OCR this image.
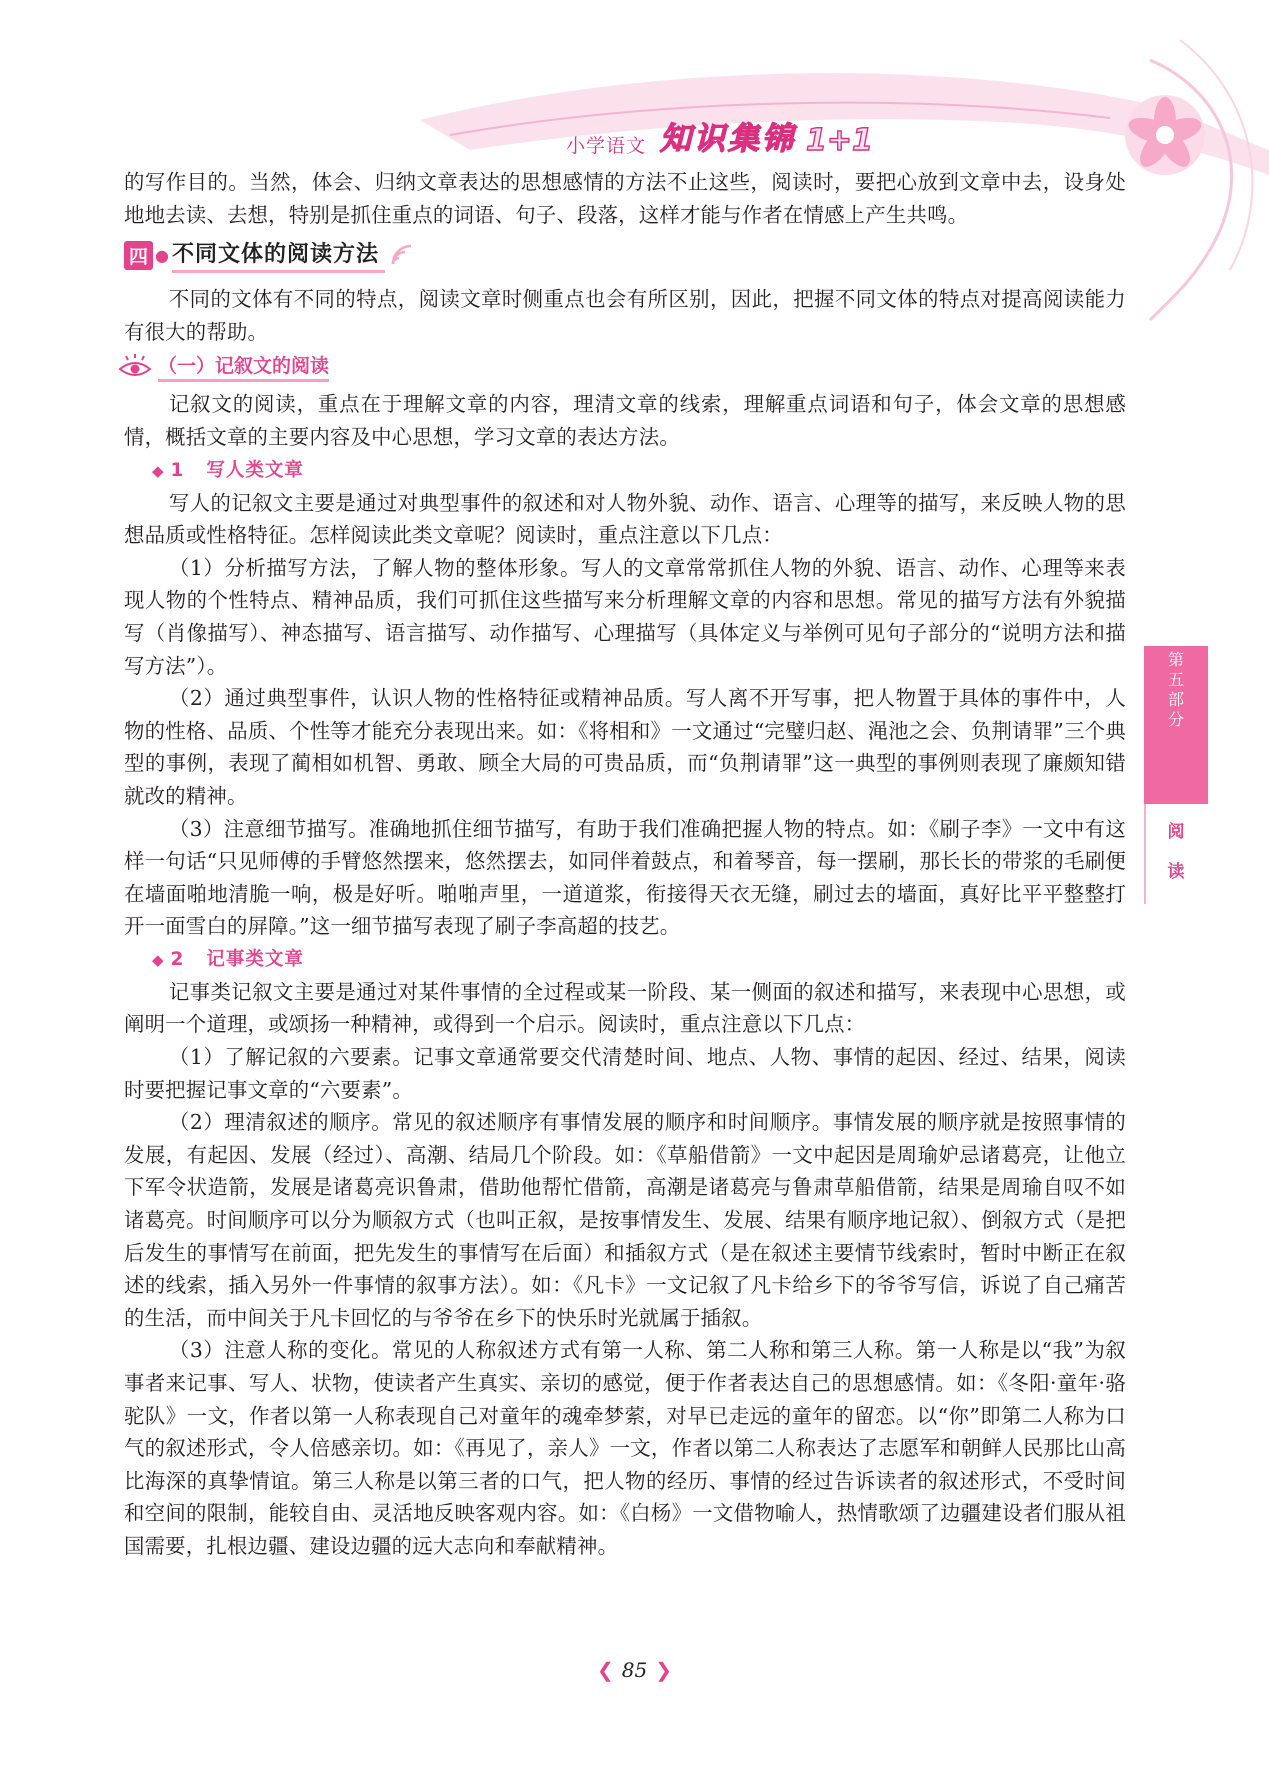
小学语文 知识集锦 1+1

的写作目的。当然，体会、归纳文章表达的思想感情的方法不止这些，阅读时，要把心放到文章中去，设身处地地去读、去想，特别是抓住重点的词语、句子、段落，这样才能与作者在情感上产生共鸣。

四 ● 不同文体的阅读方法

不同的文体有不同的特点，阅读文章时侧重点也会有所区别，因此，把握不同文体的特点对提高阅读能力有很大的帮助。

（一）记叙文的阅读

记叙文的阅读，重点在于理解文章的内容，理清文章的线索，理解重点词语和句子，体会文章的思想感情，概括文章的主要内容及中心思想，学习文章的表达方法。

◆ 1 写人类文章

写人的记叙文主要是通过对典型事件的叙述和对人物外貌、动作、语言、心理等的描写，来反映人物的思想品质或性格特征。怎样阅读此类文章呢？阅读时，重点注意以下几点：

（1）分析描写方法，了解人物的整体形象。写人的文章常常抓住人物的外貌、语言、动作、心理等来表现人物的个性特点、精神品质，我们可抓住这些描写来分析理解文章的内容和思想。常见的描写方法有外貌描写（肖像描写）、神态描写、语言描写、动作描写、心理描写（具体定义与举例可见句子部分的“说明方法和描写方法”）。

（2）通过典型事件，认识人物的性格特征或精神品质。写人离不开写事，把人物置于具体的事件中，人物的性格、品质、个性等才能充分表现出来。如：《将相和》一文通过“完璧归赵、渑池之会、负荆请罪”三个典型的事例，表现了蔺相如机智、勇敢、顾全大局的可贵品质，而“负荆请罪”这一典型的事例则表现了廉颇知错就改的精神。

（3）注意细节描写。准确地抓住细节描写，有助于我们准确把握人物的特点。如：《刷子李》一文中有这样一句话“只见师傅的手臂悠然摆来，悠然摆去，如同伴着鼓点，和着琴音，每一摆刷，那长长的带浆的毛刷便在墙面啪地清脆一响，极是好听。啪啪声里，一道道浆，衔接得天衣无缝，刷过去的墙面，真好比平平整整打开一面雪白的屏障。”这一细节描写表现了刷子李高超的技艺。

◆ 2 记事类文章

记事类记叙文主要是通过对某件事情的全过程或某一阶段、某一侧面的叙述和描写，来表现中心思想，或阐明一个道理，或颂扬一种精神，或得到一个启示。阅读时，重点注意以下几点：

（1）了解记叙的六要素。记事文章通常要交代清楚时间、地点、人物、事情的起因、经过、结果，阅读时要把握记事文章的“六要素”。

（2）理清叙述的顺序。常见的叙述顺序有事情发展的顺序和时间顺序。事情发展的顺序就是按照事情的发展，有起因、发展（经过）、高潮、结局几个阶段。如：《草船借箭》一文中起因是周瑜妒忌诸葛亮，让他立下军令状造箭，发展是诸葛亮识鲁肃，借助他帮忙借箭，高潮是诸葛亮与鲁肃草船借箭，结果是周瑜自叹不如诸葛亮。时间顺序可以分为顺叙方式（也叫正叙，是按事情发生、发展、结果有顺序地记叙）、倒叙方式（是把后发生的事情写在前面，把先发生的事情写在后面）和插叙方式（是在叙述主要情节线索时，暂时中断正在叙述的线索，插入另外一件事情的叙事方法）。如：《凡卡》一文记叙了凡卡给乡下的爷爷写信，诉说了自己痛苦的生活，而中间关于凡卡回忆的与爷爷在乡下的快乐时光就属于插叙。

（3）注意人称的变化。常见的人称叙述方式有第一人称、第二人称和第三人称。第一人称是以“我”为叙事者来记事、写人、状物，使读者产生真实、亲切的感觉，便于作者表达自己的思想感情。如：《冬阳·童年·骆驼队》一文，作者以第一人称表现自己对童年的魂牵梦萦，对早已走远的童年的留恋。以“你”即第二人称为口气的叙述形式，令人倍感亲切。如：《再见了，亲人》一文，作者以第二人称表达了志愿军和朝鲜人民那比山高比海深的真挚情谊。第三人称是以第三者的口气，把人物的经历、事情的经过告诉读者的叙述形式，不受时间和空间的限制，能较自由、灵活地反映客观内容。如：《白杨》一文借物喻人，热情歌颂了边疆建设者们服从祖国需要，扎根边疆、建设边疆的远大志向和奉献精神。

第
五
部
分
阅
读
❮ 85 ❯
